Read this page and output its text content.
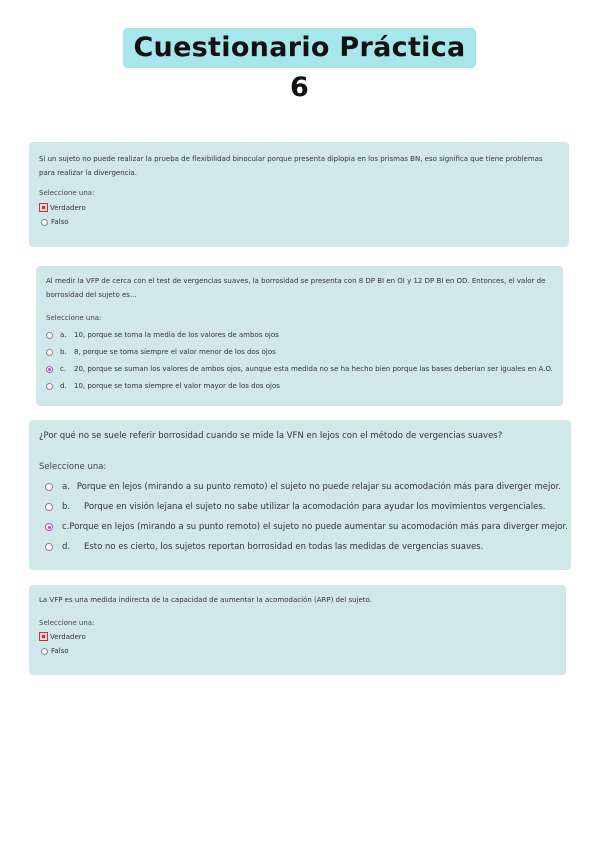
Cuestionario Práctica 6

Si un sujeto no puede realizar la prueba de flexibilidad binocular porque presenta diplopia en los prismas BN, eso significa que tiene problemas para realizar la divergencia.

Seleccione una:

Verdadero
Falso

Al medir la VFP de cerca con el test de vergencias suaves, la borrosidad se presenta con 8 DP BI en OI y 12 DP BI en OD. Entonces, el valor de borrosidad del sujeto es...

Seleccione una:

a.	10, porque se toma la media de los valores de ambos ojos
b.	8, porque se toma siempre el valor menor de los dos ojos
c.	20, porque se suman los valores de ambos ojos, aunque esta medida no se ha hecho bien porque las bases deberían ser iguales en A.O.
d.	10, porque se toma siempre el valor mayor de los dos ojos

¿Por qué no se suele referir borrosidad cuando se mide la VFN en lejos con el método de vergencias suaves?

Seleccione una:

a. Porque en lejos (mirando a su punto remoto) el sujeto no puede relajar su acomodación más para diverger mejor.
b.	Porque en visión lejana el sujeto no sabe utilizar la acomodación para ayudar los movimientos vergenciales.
c. Porque en lejos (mirando a su punto remoto) el sujeto no puede aumentar su acomodación más para diverger mejor.
d.	Esto no es cierto, los sujetos reportan borrosidad en todas las medidas de vergencias suaves.

La VFP es una medida indirecta de la capacidad de aumentar la acomodación (ARP) del sujeto.

Seleccione una:

Verdadero
Falso
